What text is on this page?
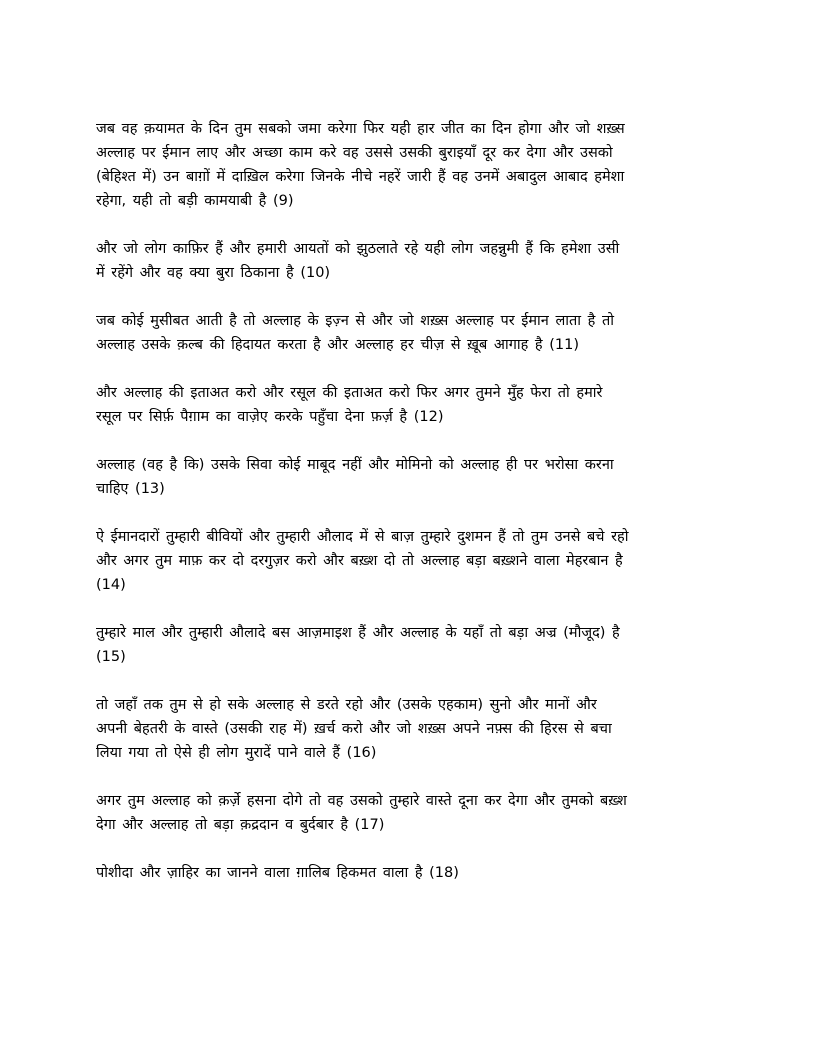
जब वह क़यामत के दिन तुम सबको जमा करेगा फिर यही हार जीत का दिन होगा और जो शख़्स
अल्लाह पर ईमान लाए और अच्छा काम करे वह उससे उसकी बुराइयाँ दूर कर देगा और उसको
(बेहिश्त में) उन बाग़ों में दाख़िल करेगा जिनके नीचे नहरें जारी हैं वह उनमें अबादुल आबाद हमेशा
रहेगा, यही तो बड़ी कामयाबी है (9)
और जो लोग काफ़िर हैं और हमारी आयतों को झुठलाते रहे यही लोग जहन्नुमी हैं कि हमेशा उसी
में रहेंगे और वह क्या बुरा ठिकाना है (10)
जब कोई मुसीबत आती है तो अल्लाह के इज़्न से और जो शख़्स अल्लाह पर ईमान लाता है तो
अल्लाह उसके क़ल्ब की हिदायत करता है और अल्लाह हर चीज़ से ख़ूब आगाह है (11)
और अल्लाह की इताअत करो और रसूल की इताअत करो फिर अगर तुमने मुँह फेरा तो हमारे
रसूल पर सिर्फ़ पैग़ाम का वाज़ेए करके पहुँचा देना फ़र्ज़ है (12)
अल्लाह (वह है कि) उसके सिवा कोई माबूद नहीं और मोमिनो को अल्लाह ही पर भरोसा करना
चाहिए (13)
ऐ ईमानदारों तुम्हारी बीवियों और तुम्हारी औलाद में से बाज़ तुम्हारे दुशमन हैं तो तुम उनसे बचे रहो
और अगर तुम माफ़ कर दो दरगुज़र करो और बख़्श दो तो अल्लाह बड़ा बख़्शने वाला मेहरबान है
(14)
तुम्हारे माल और तुम्हारी औलादे बस आज़माइश हैं और अल्लाह के यहाँ तो बड़ा अज्र (मौजूद) है
(15)
तो जहाँ तक तुम से हो सके अल्लाह से डरते रहो और (उसके एहकाम) सुनो और मानों और
अपनी बेहतरी के वास्ते (उसकी राह में) ख़र्च करो और जो शख़्स अपने नफ़्स की हिरस से बचा
लिया गया तो ऐसे ही लोग मुरादें पाने वाले हैं (16)
अगर तुम अल्लाह को क़र्ज़े हसना दोगे तो वह उसको तुम्हारे वास्ते दूना कर देगा और तुमको बख़्श
देगा और अल्लाह तो बड़ा क़द्रदान व बुर्दबार है (17)
पोशीदा और ज़ाहिर का जानने वाला ग़ालिब हिकमत वाला है (18)
